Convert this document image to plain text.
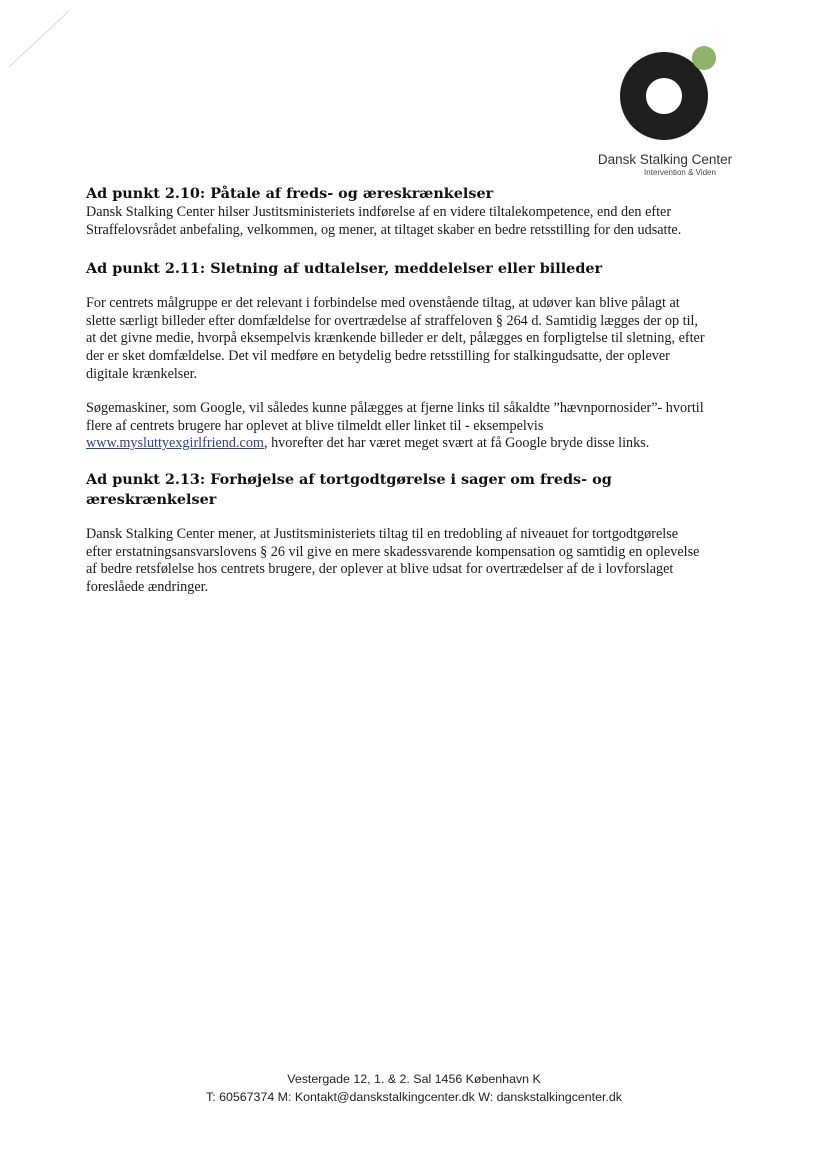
Dansk Stalking Center
Intervention & Viden
Ad punkt 2.10: Påtale af freds- og æreskrænkelser

Dansk Stalking Center hilser Justitsministeriets indførelse af en videre tiltalekompetence, end den efter Straffelovsrådet anbefaling, velkommen, og mener, at tiltaget skaber en bedre retsstilling for den udsatte.

Ad punkt 2.11: Sletning af udtalelser, meddelelser eller billeder

For centrets målgruppe er det relevant i forbindelse med ovenstående tiltag, at udøver kan blive pålagt at slette særligt billeder efter domfældelse for overtrædelse af straffeloven § 264 d. Samtidig lægges der op til, at det givne medie, hvorpå eksempelvis krænkende billeder er delt, pålægges en forpligtelse til sletning, efter der er sket domfældelse. Det vil medføre en betydelig bedre retsstilling for stalkingudsatte, der oplever digitale krænkelser.

Søgemaskiner, som Google, vil således kunne pålægges at fjerne links til såkaldte ”hævnpornosider”- hvortil flere af centrets brugere har oplevet at blive tilmeldt eller linket til - eksempelvis www.mysluttyexgirlfriend.com, hvorefter det har været meget svært at få Google bryde disse links.

Ad punkt 2.13: Forhøjelse af tortgodtgørelse i sager om freds- og æreskrænkelser

Dansk Stalking Center mener, at Justitsministeriets tiltag til en tredobling af niveauet for tortgodtgørelse efter erstatningsansvarslovens § 26 vil give en mere skadessvarende kompensation og samtidig en oplevelse af bedre retsfølelse hos centrets brugere, der oplever at blive udsat for overtrædelser af de i lovforslaget foreslåede ændringer.

Vestergade 12, 1. & 2. Sal 1456 København K
T: 60567374 M: Kontakt@danskstalkingcenter.dk W: danskstalkingcenter.dk
